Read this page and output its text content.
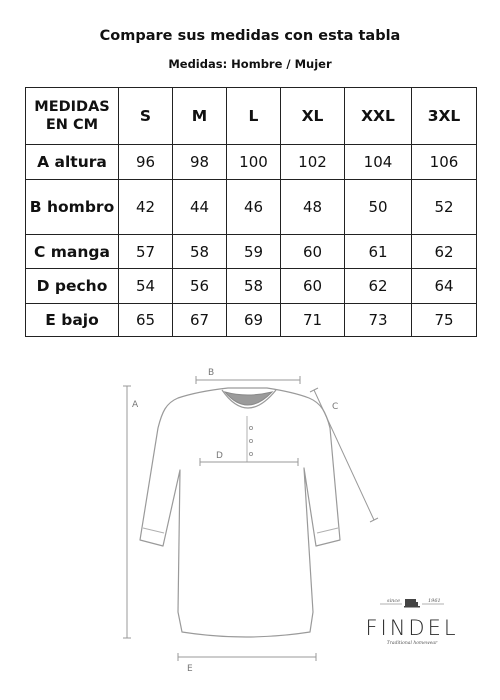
Compare sus medidas con esta tabla
Medidas: Hombre / Mujer
MEDIDAS EN CM	S	M	L	XL	XXL	3XL
A altura	96	98	100	102	104	106
B hombro	42	44	46	48	50	52
C manga	57	58	59	60	61	62
D pecho	54	56	58	60	62	64
E bajo	65	67	69	71	73	75
A
B
C
D
E
since	1961
FINDEL
Traditional homewear
